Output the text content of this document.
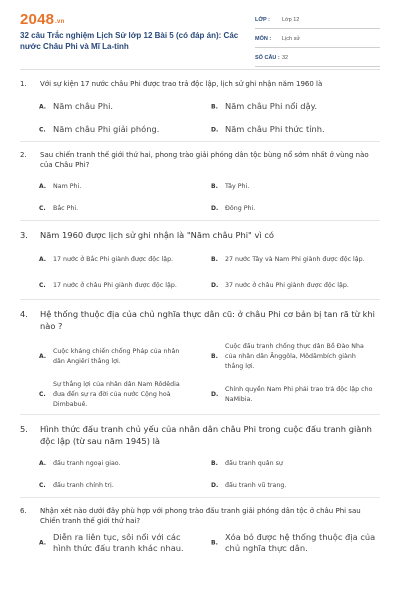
2048.vn
32 câu Trắc nghiệm Lịch Sử lớp 12 Bài 5 (có đáp án): Các nước Châu Phi và Mĩ La-tinh
LỚP : Lớp 12
MÔN : Lịch sử
SỐ CÂU : 32
1. Với sự kiện 17 nước châu Phi được trao trả độc lập, lịch sử ghi nhận năm 1960 là
A. Năm châu Phi.	B. Năm châu Phi nổi dậy.
C. Năm châu Phi giải phóng.	D. Năm châu Phi thức tỉnh.
2. Sau chiến tranh thế giới thứ hai, phong trào giải phóng dân tộc bùng nổ sớm nhất ở vùng nào của Châu Phi?
A.	Nam Phi.	B.	Tây Phi.
C.	Bắc Phi.	D.	Đông Phi.
3. Năm 1960 được lịch sử ghi nhận là "Năm châu Phi" vì có
A.	17 nước ở Bắc Phi giành được độc lập.	B.	27 nước Tây và Nam Phi giành được độc lập.
C.	17 nước ở châu Phi giành được độc lập.	D.	37 nước ở châu Phi giành được độc lập.
4. Hệ thống thuộc địa của chủ nghĩa thực dân cũ: ở châu Phi cơ bản bị tan rã từ khi nào ?
A.
Cuộc kháng chiến chống Pháp của nhân dân Angiêri thắng lợi.
B.
Cuộc đấu tranh chống thực dân Bồ Đào Nha của nhân dân Ănggôla, Môdămbích giành thắng lợi.
C.
Sự thắng lợi của nhân dân Nam Rôdêdia đưa đến sự ra đời của nước Cộng hoà Dimbabuê.
D.
Chính quyền Nam Phi phải trao trả độc lập cho NaMibia.
5. Hình thức đấu tranh chủ yếu của nhân dân châu Phi trong cuộc đấu tranh giành độc lập (từ sau năm 1945) là
A.	đấu tranh ngoại giao.	B.	đấu tranh quân sự
C.	đấu tranh chính trị.	D.	đấu tranh vũ trang.
6. Nhận xét nào dưới đây phù hợp với phong trào đấu tranh giải phóng dân tộc ở châu Phi sau Chiến tranh thế giới thứ hai?
A.
Diễn ra liên tục, sôi nổi với các hình thức đấu tranh khác nhau.	B.
Xóa bỏ được hệ thống thuộc địa của chủ nghĩa thực dân.
